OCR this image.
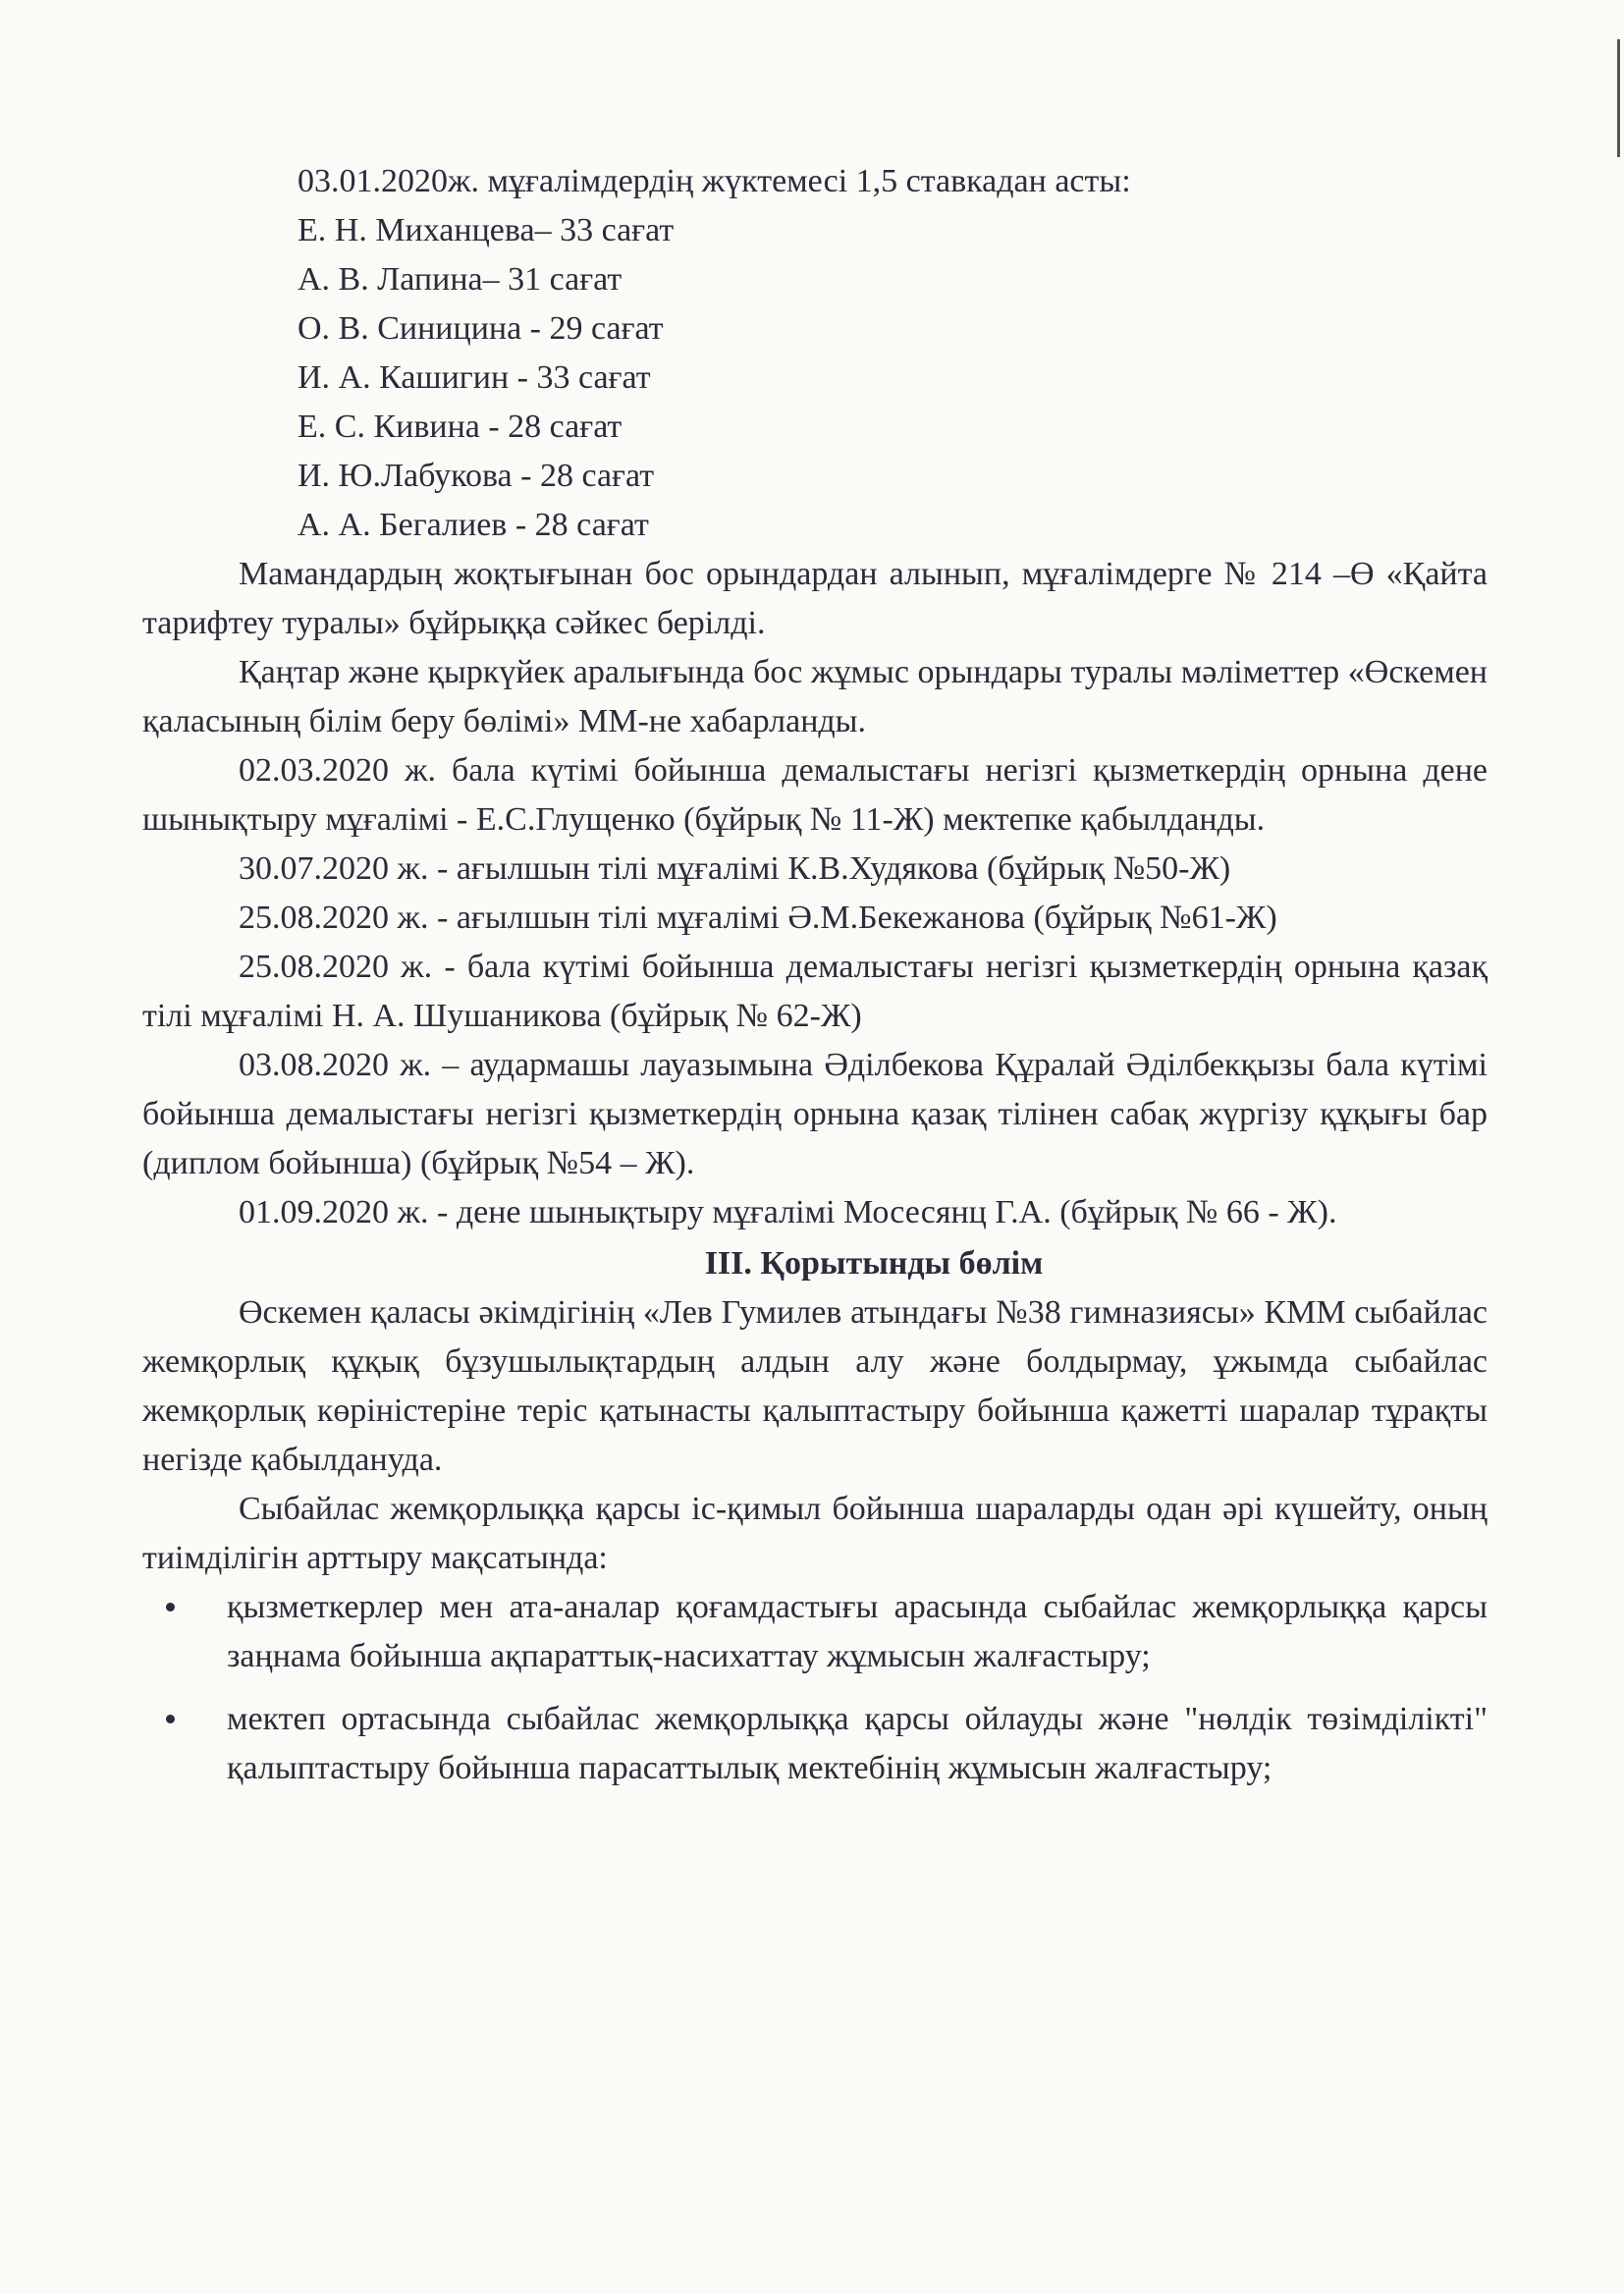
03.01.2020ж. мұғалімдердің жүктемесі 1,5 ставкадан асты:
Е. Н. Миханцева– 33 сағат
А. В. Лапина– 31 сағат
О. В. Синицина - 29 сағат
И. А. Кашигин - 33 сағат
Е. С. Кивина - 28 сағат
И. Ю.Лабукова - 28 сағат
А. А. Бегалиев - 28 сағат

Мамандардың жоқтығынан бос орындардан алынып, мұғалімдерге № 214 –Ө «Қайта тарифтеу туралы» бұйрыққа сәйкес берілді.

Қаңтар және қыркүйек аралығында бос жұмыс орындары туралы мәліметтер «Өскемен қаласының білім беру бөлімі» ММ-не хабарланды.

02.03.2020 ж. бала күтімі бойынша демалыстағы негізгі қызметкердің орнына дене шынықтыру мұғалімі - Е.С.Глущенко (бұйрық № 11-Ж) мектепке қабылданды.

30.07.2020 ж. - ағылшын тілі мұғалімі К.В.Худякова (бұйрық №50-Ж)

25.08.2020 ж. - ағылшын тілі мұғалімі Ә.М.Бекежанова (бұйрық №61-Ж)

25.08.2020 ж. - бала күтімі бойынша демалыстағы негізгі қызметкердің орнына қазақ тілі мұғалімі Н. А. Шушаникова (бұйрық № 62-Ж)

03.08.2020 ж. – аудармашы лауазымына Әділбекова Құралай Әділбекқызы бала күтімі бойынша демалыстағы негізгі қызметкердің орнына қазақ тілінен сабақ жүргізу құқығы бар (диплом бойынша) (бұйрық №54 – Ж).

01.09.2020 ж. - дене шынықтыру мұғалімі Мосесянц Г.А. (бұйрық № 66 - Ж).

III. Қорытынды бөлім

Өскемен қаласы әкімдігінің «Лев Гумилев атындағы №38 гимназиясы» КММ сыбайлас жемқорлық құқық бұзушылықтардың алдын алу және болдырмау, ұжымда сыбайлас жемқорлық көріністеріне теріс қатынасты қалыптастыру бойынша қажетті шаралар тұрақты негізде қабылдануда.

Сыбайлас жемқорлыққа қарсы іс-қимыл бойынша шараларды одан әрі күшейту, оның тиімділігін арттыру мақсатында:

қызметкерлер мен ата-аналар қоғамдастығы арасында сыбайлас жемқорлыққа қарсы заңнама бойынша ақпараттық-насихаттау жұмысын жалғастыру;
мектеп ортасында сыбайлас жемқорлыққа қарсы ойлауды және "нөлдік төзімділікті" қалыптастыру бойынша парасаттылық мектебінің жұмысын жалғастыру;
